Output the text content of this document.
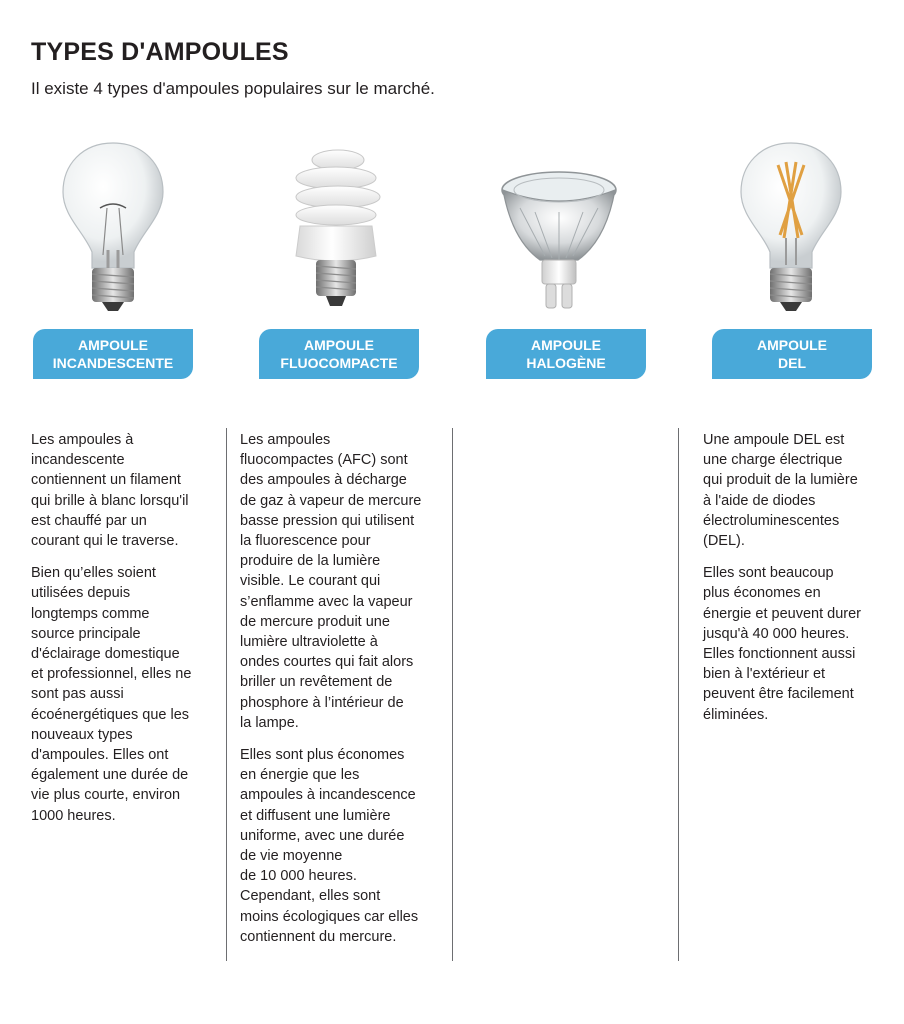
TYPES D'AMPOULES

Il existe 4 types d'ampoules populaires sur le marché.

AMPOULE
INCANDESCENTE
AMPOULE
FLUOCOMPACTE
AMPOULE
HALOGÈNE
AMPOULE
DEL

Les ampoules à
incandescente
contiennent un filament
qui brille à blanc lorsqu'il
est chauffé par un
courant qui le traverse.

Bien qu’elles soient
utilisées depuis
longtemps comme
source principale
d'éclairage domestique
et professionnel, elles ne
sont pas aussi
écoénergétiques que les
nouveaux types
d'ampoules. Elles ont
également une durée de
vie plus courte, environ
1000 heures.

Les ampoules
fluocompactes (AFC) sont
des ampoules à décharge
de gaz à vapeur de mercure
basse pression qui utilisent
la fluorescence pour
produire de la lumière
visible. Le courant qui
s’enflamme avec la vapeur
de mercure produit une
lumière ultraviolette à
ondes courtes qui fait alors
briller un revêtement de
phosphore à l’intérieur de
la lampe.

Elles sont plus économes
en énergie que les
ampoules à incandescence
et diffusent une lumière
uniforme, avec une durée
de vie moyenne
de 10 000 heures.
Cependant, elles sont
moins écologiques car elles
contiennent du mercure.

Une ampoule DEL est
une charge électrique
qui produit de la lumière
à l'aide de diodes
électroluminescentes
(DEL).

Elles sont beaucoup
plus économes en
énergie et peuvent durer
jusqu'à 40 000 heures.
Elles fonctionnent aussi
bien à l'extérieur et
peuvent être facilement
éliminées.
